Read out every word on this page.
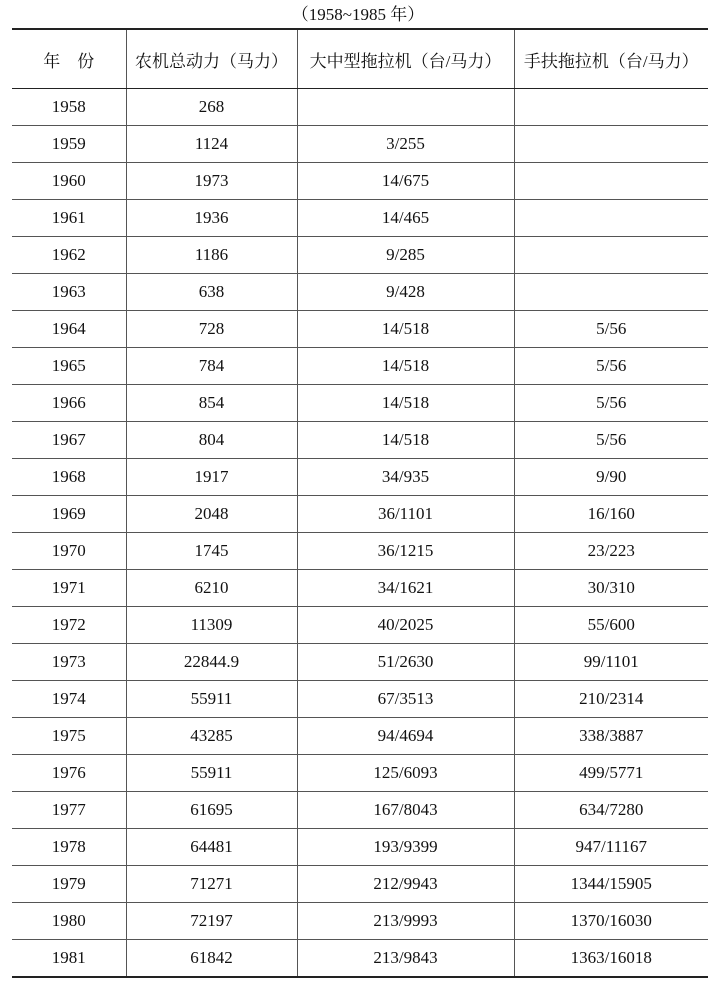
（1958~1985 年）
年　份	农机总动力（马力）	大中型拖拉机（台/马力）	手扶拖拉机（台/马力）
1958	268		
1959	1124	3/255	
1960	1973	14/675	
1961	1936	14/465	
1962	1186	9/285	
1963	638	9/428	
1964	728	14/518	5/56
1965	784	14/518	5/56
1966	854	14/518	5/56
1967	804	14/518	5/56
1968	1917	34/935	9/90
1969	2048	36/1101	16/160
1970	1745	36/1215	23/223
1971	6210	34/1621	30/310
1972	11309	40/2025	55/600
1973	22844.9	51/2630	99/1101
1974	55911	67/3513	210/2314
1975	43285	94/4694	338/3887
1976	55911	125/6093	499/5771
1977	61695	167/8043	634/7280
1978	64481	193/9399	947/11167
1979	71271	212/9943	1344/15905
1980	72197	213/9993	1370/16030
1981	61842	213/9843	1363/16018
